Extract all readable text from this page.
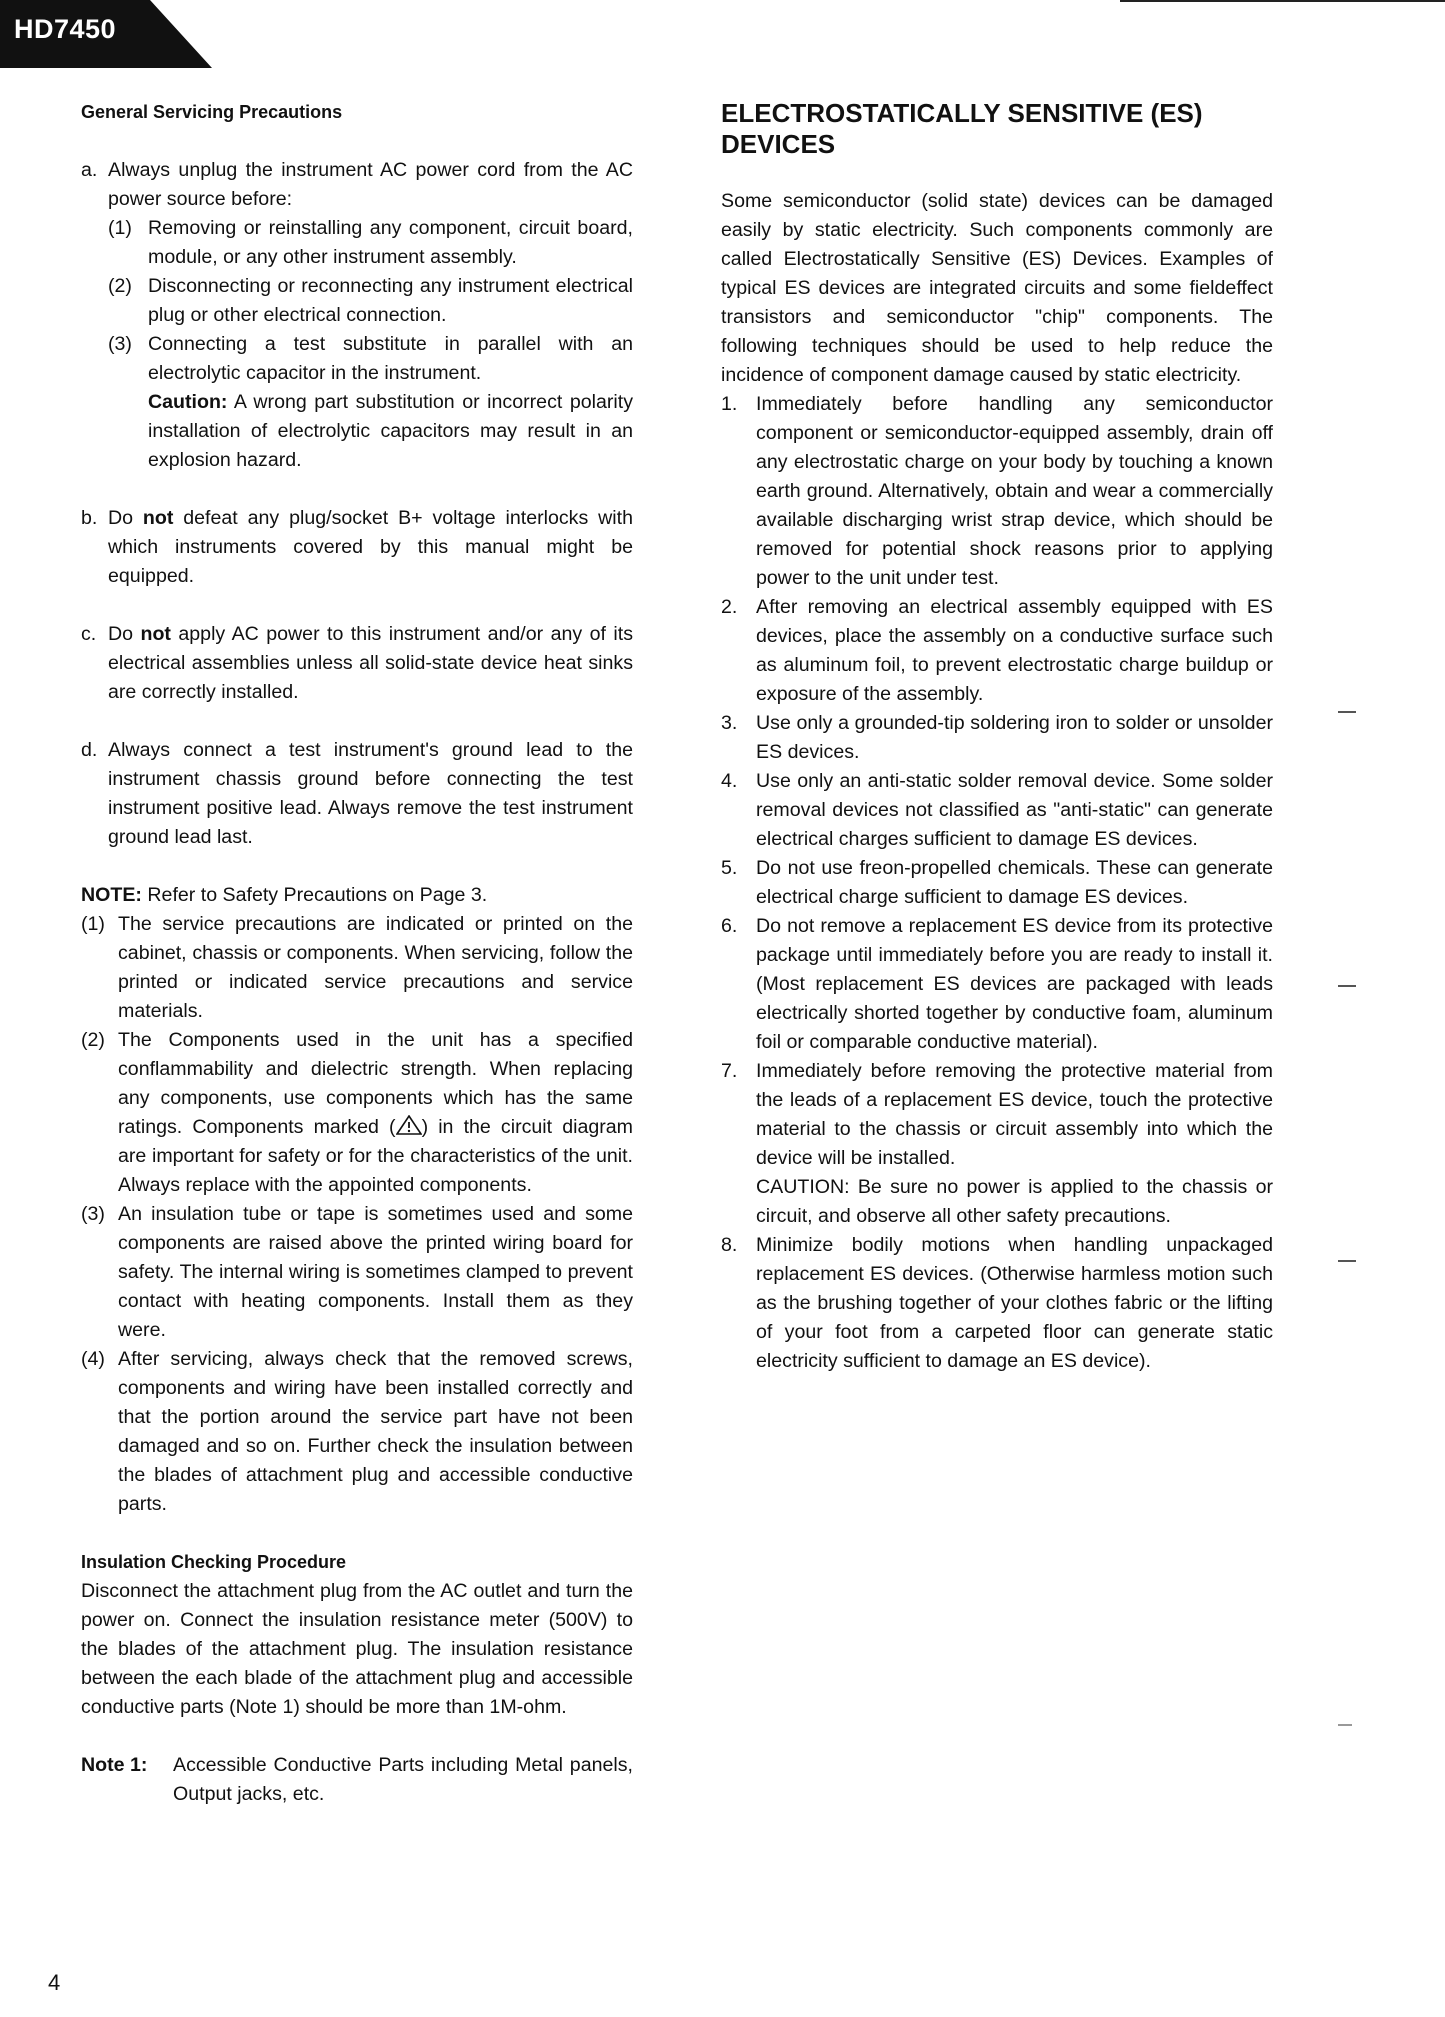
HD7450
General Servicing Precautions
a. Always unplug the instrument AC power cord from the AC power source before:

(1) Removing or reinstalling any component, circuit board, module, or any other instrument assembly.
(2) Disconnecting or reconnecting any instrument electrical plug or other electrical connection.
(3) Connecting a test substitute in parallel with an electrolytic capacitor in the instrument.

Caution: A wrong part substitution or incorrect polarity installation of electrolytic capacitors may result in an explosion hazard.

b. Do not defeat any plug/socket B+ voltage interlocks with which instruments covered by this manual might be equipped.

c. Do not apply AC power to this instrument and/or any of its electrical assemblies unless all solid-state device heat sinks are correctly installed.

d. Always connect a test instrument's ground lead to the instrument chassis ground before connecting the test instrument positive lead. Always remove the test instrument ground lead last.

NOTE: Refer to Safety Precautions on Page 3.

(1) The service precautions are indicated or printed on the cabinet, chassis or components. When servicing, follow the printed or indicated service precautions and service materials.

(2) The Components used in the unit has a specified conflammability and dielectric strength. When replacing any components, use components which has the same ratings. Components marked ( ) in the circuit diagram are important for safety or for the characteristics of the unit. Always replace with the appointed components.

(3) An insulation tube or tape is sometimes used and some components are raised above the printed wiring board for safety. The internal wiring is sometimes clamped to prevent contact with heating components. Install them as they were.

(4) After servicing, always check that the removed screws, components and wiring have been installed correctly and that the portion around the service part have not been damaged and so on. Further check the insulation between the blades of attachment plug and accessible conductive parts.

Insulation Checking Procedure

Disconnect the attachment plug from the AC outlet and turn the power on. Connect the insulation resistance meter (500V) to the blades of the attachment plug. The insulation resistance between the each blade of the attachment plug and accessible conductive parts (Note 1) should be more than 1M-ohm.

Note 1:	Accessible Conductive Parts including Metal panels, Output jacks, etc.

ELECTROSTATICALLY SENSITIVE (ES) DEVICES

Some semiconductor (solid state) devices can be damaged easily by static electricity. Such components commonly are called Electrostatically Sensitive (ES) Devices. Examples of typical ES devices are integrated circuits and some fieldeffect transistors and semiconductor "chip" components. The following techniques should be used to help reduce the incidence of component damage caused by static electricity.

1. Immediately before handling any semiconductor component or semiconductor-equipped assembly, drain off any electrostatic charge on your body by touching a known earth ground. Alternatively, obtain and wear a commercially available discharging wrist strap device, which should be removed for potential shock reasons prior to applying power to the unit under test.

2. After removing an electrical assembly equipped with ES devices, place the assembly on a conductive surface such as aluminum foil, to prevent electrostatic charge buildup or exposure of the assembly.

3. Use only a grounded-tip soldering iron to solder or unsolder ES devices.

4. Use only an anti-static solder removal device. Some solder removal devices not classified as "anti-static" can generate electrical charges sufficient to damage ES devices.

5. Do not use freon-propelled chemicals. These can generate electrical charge sufficient to damage ES devices.

6. Do not remove a replacement ES device from its protective package until immediately before you are ready to install it. (Most replacement ES devices are packaged with leads electrically shorted together by conductive foam, aluminum foil or comparable conductive material).

7. Immediately before removing the protective material from the leads of a replacement ES device, touch the protective material to the chassis or circuit assembly into which the device will be installed.

CAUTION: Be sure no power is applied to the chassis or circuit, and observe all other safety precautions.

8. Minimize bodily motions when handling unpackaged replacement ES devices. (Otherwise harmless motion such as the brushing together of your clothes fabric or the lifting of your foot from a carpeted floor can generate static electricity sufficient to damage an ES device).

4
